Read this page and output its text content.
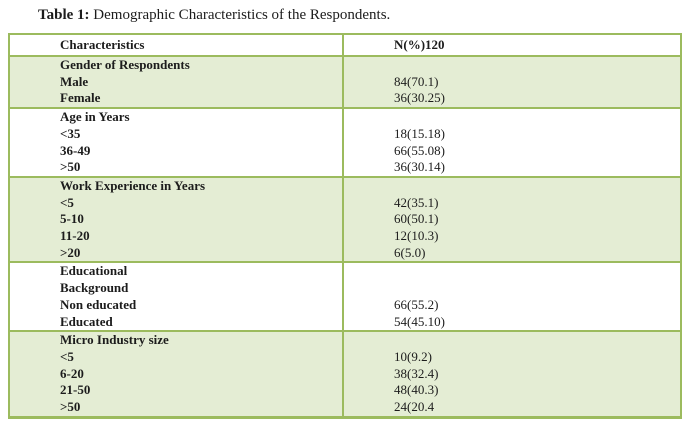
Table 1: Demographic Characteristics of the Respondents.
Characteristics	N(%)120
Gender of Respondents
Male	84(70.1)
Female	36(30.25)
Age in Years
<35	18(15.18)
36-49	66(55.08)
>50	36(30.14)
Work Experience in Years
<5	42(35.1)
5-10	60(50.1)
11-20	12(10.3)
>20	6(5.0)
Educational
Background
Non educated	66(55.2)
Educated	54(45.10)
Micro Industry size
<5	10(9.2)
6-20	38(32.4)
21-50	48(40.3)
>50	24(20.4
